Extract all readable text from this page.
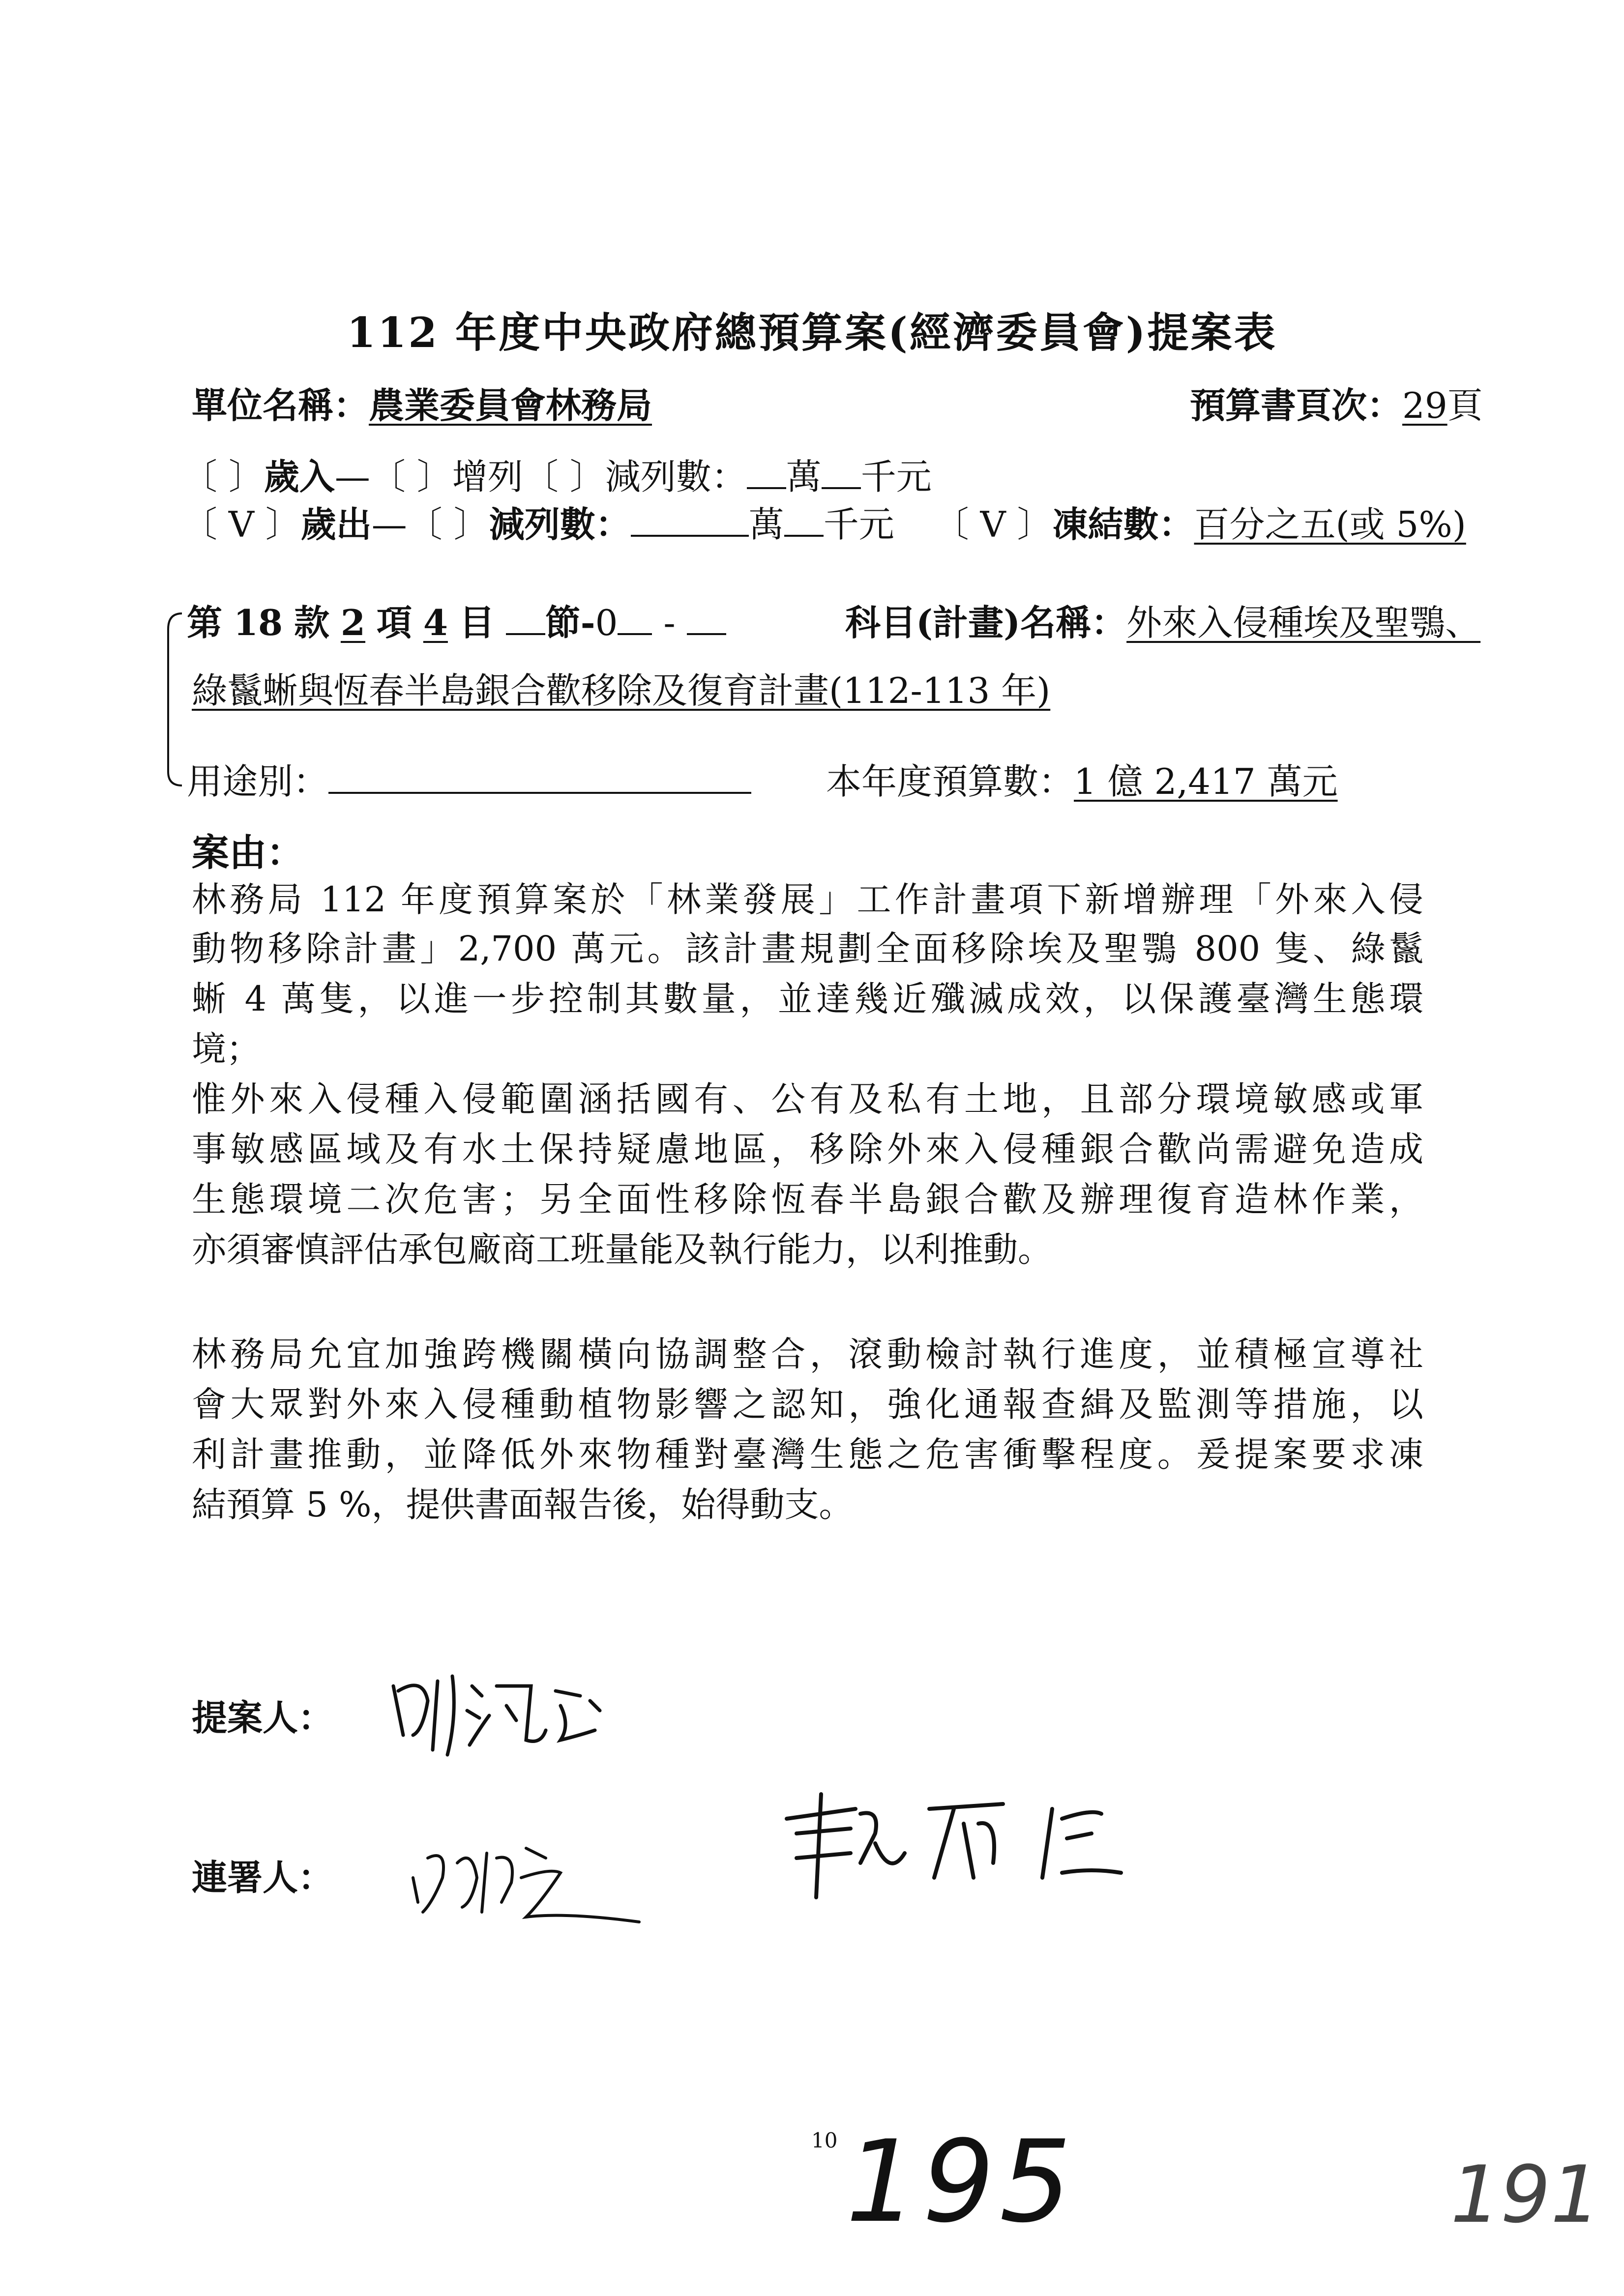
112 年度中央政府總預算案(經濟委員會)提案表
單位名稱：農業委員會林務局	預算書頁次：29頁
〔 〕歲入—〔 〕增列〔 〕減列數： 萬 千元
〔 V 〕歲出—〔 〕減列數：	萬 千元 〔 V 〕凍結數：百分之五(或 5%)
第 18 款 2 項 4 目 節-0 -	科目(計畫)名稱：外來入侵種埃及聖鶚、
綠鬣蜥與恆春半島銀合歡移除及復育計畫(112-113 年)
用途別：	本年度預算數：1 億 2,417 萬元
案由：
林務局 112 年度預算案於「林業發展」工作計畫項下新增辦理「外來入侵
動物移除計畫」2,700 萬元。該計畫規劃全面移除埃及聖鶚 800 隻、綠鬣
蜥 4 萬隻，以進一步控制其數量，並達幾近殲滅成效，以保護臺灣生態環
境；
惟外來入侵種入侵範圍涵括國有、公有及私有土地，且部分環境敏感或軍
事敏感區域及有水土保持疑慮地區，移除外來入侵種銀合歡尚需避免造成
生態環境二次危害；另全面性移除恆春半島銀合歡及辦理復育造林作業，
亦須審慎評估承包廠商工班量能及執行能力，以利推動。
林務局允宜加強跨機關橫向協調整合，滾動檢討執行進度，並積極宣導社
會大眾對外來入侵種動植物影響之認知，強化通報查緝及監測等措施，以
利計畫推動，並降低外來物種對臺灣生態之危害衝擊程度。爰提案要求凍
結預算 5 %，提供書面報告後，始得動支。
提案人：
連署人：
10 195	191
